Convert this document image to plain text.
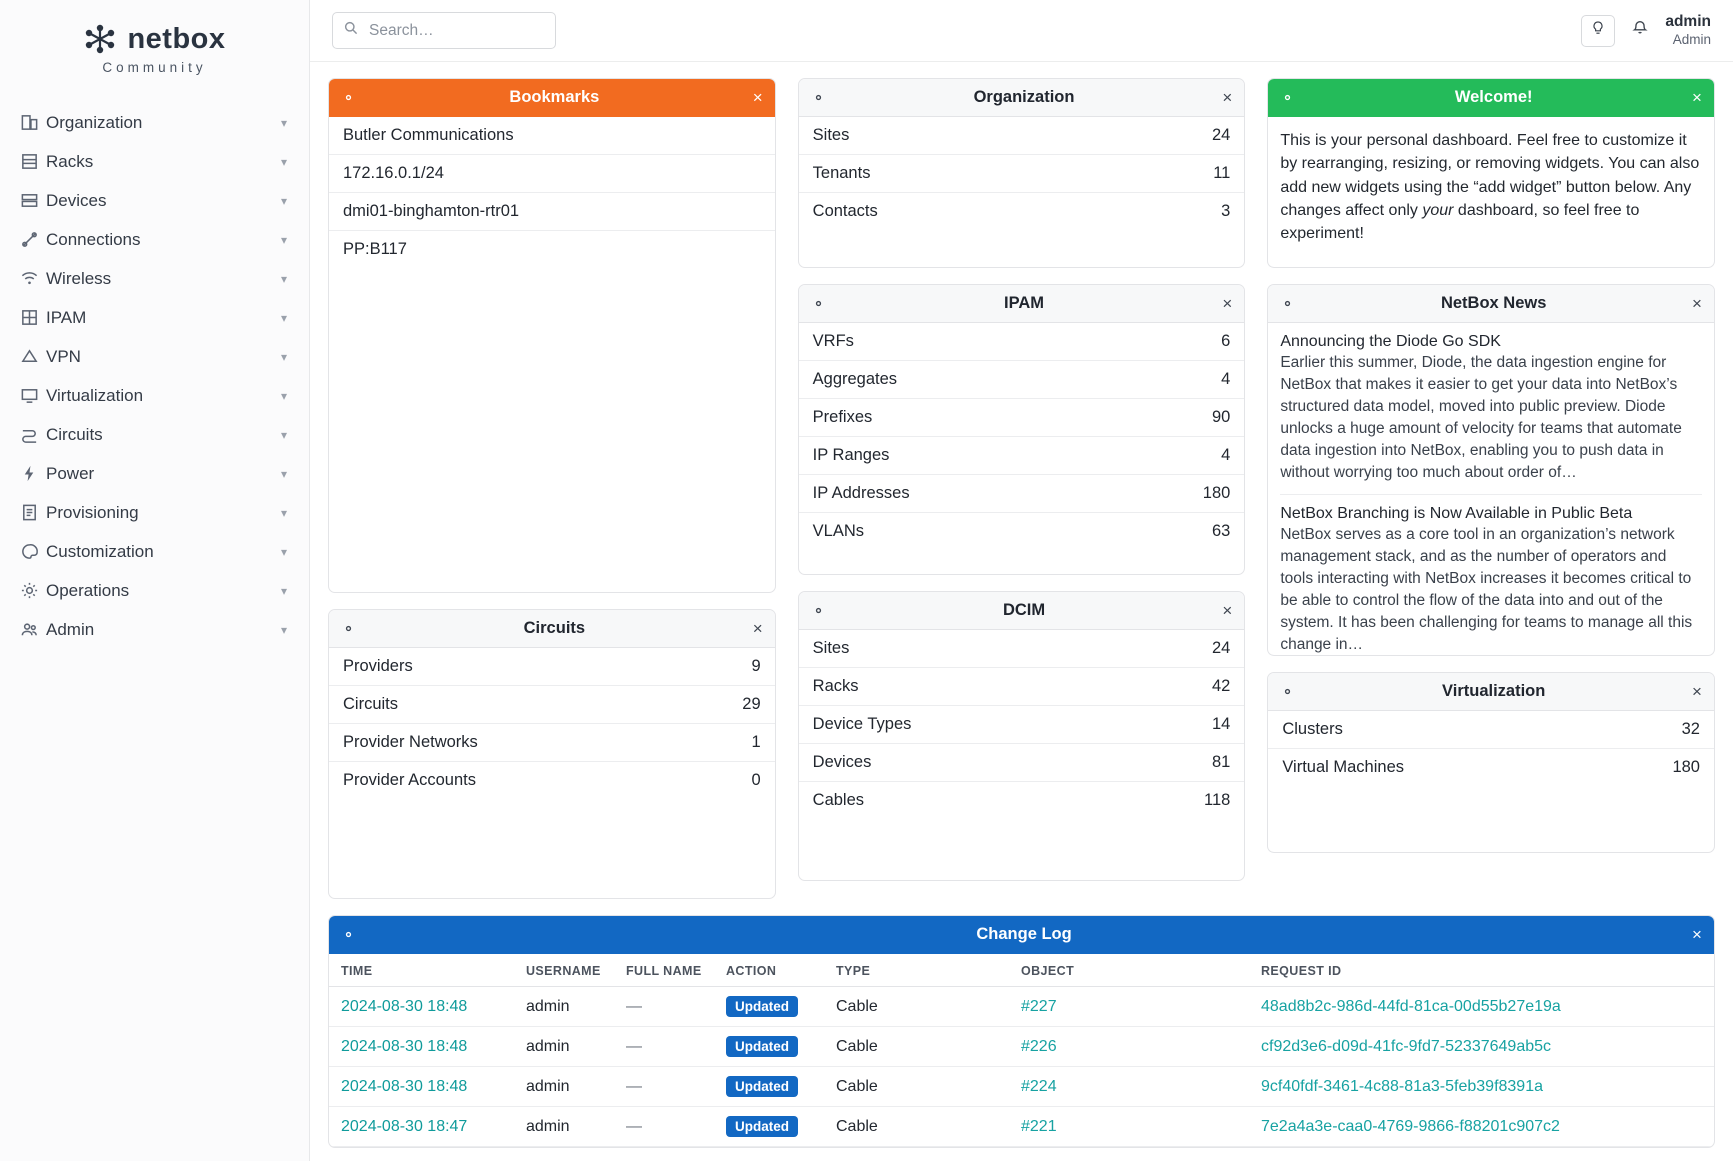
netbox
Community
Organization	▾
Racks	▾
Devices	▾
Connections	▾
Wireless	▾
IPAM	▾
VPN	▾
Virtualization	▾
Circuits	▾
Power	▾
Provisioning	▾
Customization	▾
Operations	▾
Admin	▾
Search…
admin
Admin
Bookmarks	×
Butler Communications
172.16.0.1/24
dmi01-binghamton-rtr01
PP:B117
Circuits	×
Providers	9
Circuits	29
Provider Networks	1
Provider Accounts	0
Organization	×
Sites	24
Tenants	11
Contacts	3
IPAM	×
VRFs	6
Aggregates	4
Prefixes	90
IP Ranges	4
IP Addresses	180
VLANs	63
DCIM	×
Sites	24
Racks	42
Device Types	14
Devices	81
Cables	118
Welcome!	×
This is your personal dashboard. Feel free to customize it by rearranging, resizing, or removing widgets. You can also add new widgets using the “add widget” button below. Any changes affect only your dashboard, so feel free to experiment!
NetBox News	×
Announcing the Diode Go SDK
Earlier this summer, Diode, the data ingestion engine for NetBox that makes it easier to get your data into NetBox’s structured data model, moved into public preview. Diode unlocks a huge amount of velocity for teams that automate data ingestion into NetBox, enabling you to push data in without worrying too much about order of…
NetBox Branching is Now Available in Public Beta
NetBox serves as a core tool in an organization’s network management stack, and as the number of operators and tools interacting with NetBox increases it becomes critical to be able to control the flow of the data into and out of the system. It has been challenging for teams to manage all this change in…
Virtualization	×
Clusters	32
Virtual Machines	180
Change Log	×
TIME	USERNAME	FULL NAME	ACTION	TYPE	OBJECT	REQUEST ID
2024-08-30 18:48	admin	—	Updated	Cable	#227	48ad8b2c-986d-44fd-81ca-00d55b27e19a
2024-08-30 18:48	admin	—	Updated	Cable	#226	cf92d3e6-d09d-41fc-9fd7-52337649ab5c
2024-08-30 18:48	admin	—	Updated	Cable	#224	9cf40fdf-3461-4c88-81a3-5feb39f8391a
2024-08-30 18:47	admin	—	Updated	Cable	#221	7e2a4a3e-caa0-4769-9866-f88201c907c2
